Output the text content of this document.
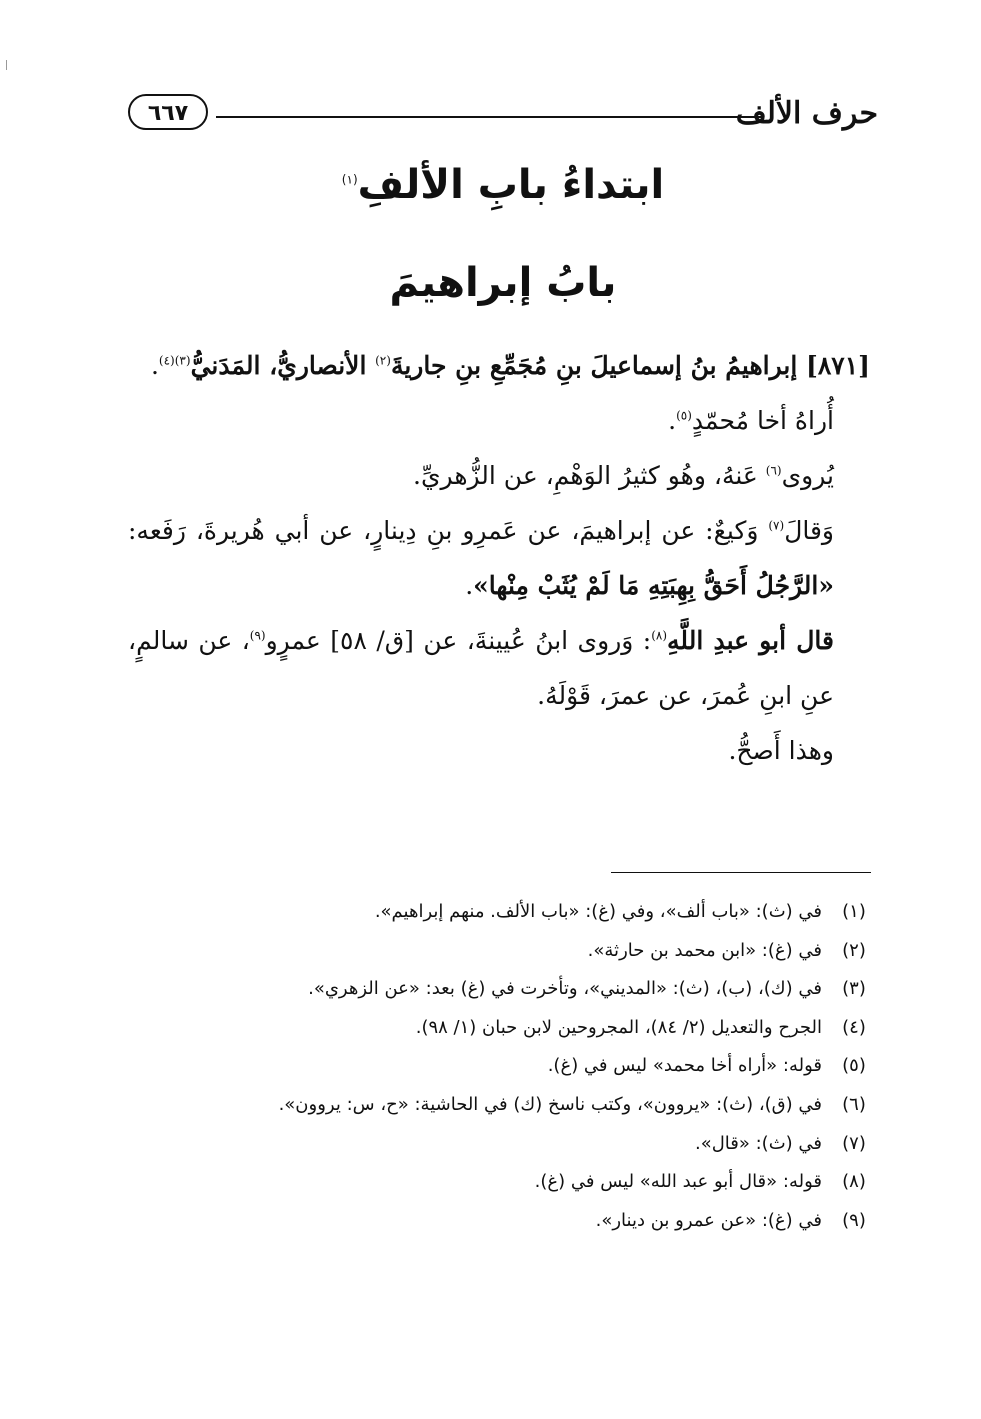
حرف الألف
٦٦٧
ابتداءُ بابِ الألفِ$^{(١)}$
بابُ إبراهيمَ

[٨٧١] إبراهيمُ بنُ إسماعيلَ بنِ مُجَمِّعِ بنِ جاريةَ$^{(٢)}$ الأنصاريُّ، المَدَنيُّ$^{(٣)(٤)}$.

أُراهُ أخا مُحمّدٍ$^{(٥)}$.

يُروى$^{(٦)}$ عَنهُ، وهُو كثيرُ الوَهْمِ، عن الزُّهريِّ.

وَقالَ$^{(٧)}$ وَكيعٌ: عن إبراهيمَ، عن عَمرِو بنِ دِينارٍ، عن أبي هُريرةَ، رَفَعه: «الرَّجُلُ أَحَقُّ بِهِبَتِهِ مَا لَمْ يُثَبْ مِنْها».

قال أبو عبدِ اللَّهِ$^{(٨)}$: وَروى ابنُ عُيينةَ، عن [ق/ ٥٨] عمرٍو$^{(٩)}$، عن سالمٍ، عنِ ابنِ عُمرَ، عن عمرَ، قَوْلَهُ.

وهذا أَصحُّ.

(١)
في (ث): «باب ألف»، وفي (غ): «باب الألف. منهم إبراهيم».
(٢)
في (غ): «ابن محمد بن حارثة».
(٣)
في (ك)، (ب)، (ث): «المديني»، وتأخرت في (غ) بعد: «عن الزهري».
(٤)
الجرح والتعديل (٢/ ٨٤)، المجروحين لابن حبان (١/ ٩٨).
(٥)
قوله: «أراه أخا محمد» ليس في (غ).
(٦)
في (ق)، (ث): «يروون»، وكتب ناسخ (ك) في الحاشية: «ح، س: يروون».
(٧)
في (ث): «قال».
(٨)
قوله: «قال أبو عبد الله» ليس في (غ).
(٩)
في (غ): «عن عمرو بن دينار».
